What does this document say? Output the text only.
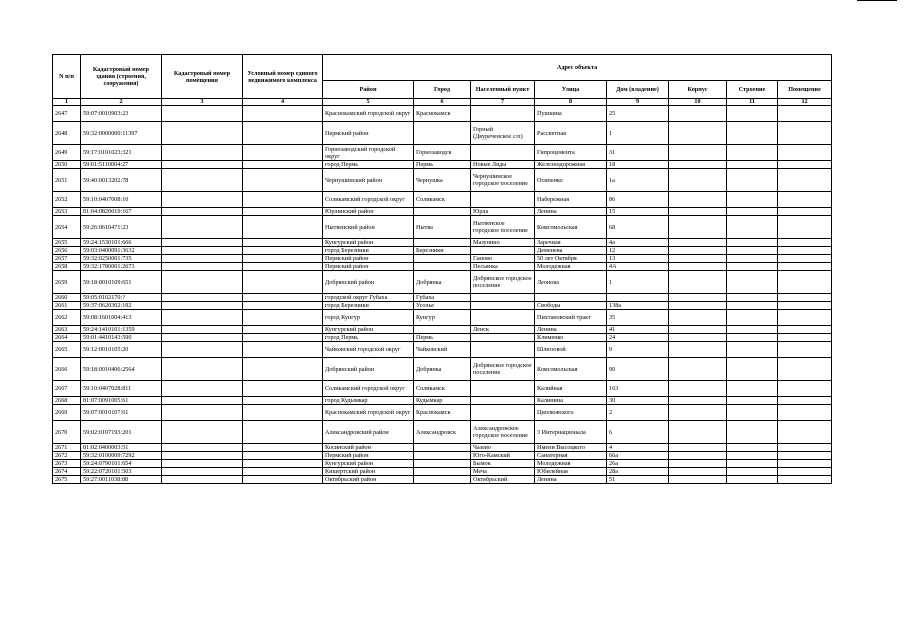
N п/п	Кадастровый номер здания (строения, сооружения)	Кадастровый номер помещения	Условный номер единого недвижимого комплекса	Адрес объекта							
				Район	Город	Населенный пункт	Улица	Дом (владение)	Корпус	Строение	Помещение
1	2	3	4	5	6	7	8	9	10	11	12
2647	59:07:0010903:23			Краснокамский городской округ	Краснокамск		Пушкина	25			
2648	59:32:0000000:11397			Пермский район		Горный (Двуреченское с/п)	Рассветная	1			
2649	59:17:0101023:321			Горнозаводский городской округ	Горнозаводск		Гипроцемента	31			
2650	59:01:5110004:27			город Пермь	Пермь	Новые Ляды	Железнодорожная	18			
2651	59:40:0013202:78			Чернушинский район	Чернушка	Чернушинское городское поселение	Осипенко	1а			
2652	59:10:0407008:10			Соликамский городской округ	Соликамск		Набережная	86			
2653	81:04:0820019:167			Юрлинский район		Юрла	Ленина	15			
2654	59:26:0610471:23			Нытвенский район	Нытва	Нытвенское городское поселение	Комсомольская	68			
2655	59:24:1530101:666			Кунгурский район		Мазунино	Заречная	4а			
2656	59:03:0400091:3632			город Березники	Березники		Деменева	12			
2657	59:32:0250001:735			Пермский район		Гамово	50 лет Октября	13			
2658	59:32:1780001:2673			Пермский район		Песьянка	Молодежная	4А			
2659	59:18:0010109:651			Добрянский район	Добрянка	Добрянское городское поселение	Леонова	1			
2660	59:05:0102170:?			городской округ Губаха	Губаха						
2661	59:37:0620302:192			город Березники	Усолье		Свободы	138а			
2662	59:08:1601004:413			город Кунгур	Кунгур		Пихтановский тракт	35			
2663	59:24:1410101:1359			Кунгурский район		Ленск	Ленина	41			
2664	59:01:4410143:590			город Пермь	Пермь		Клименко	24			
2665	59:12:0010105:20			Чайковский городской округ	Чайковский		Шлюзовой	9			
2666	59:18:0010406:2564			Добрянский район	Добрянка	Добрянское городское поселение	Комсомольская	90			
2667	59:10:0407028:811			Соликамский городской округ	Соликамск		Калийная	163			
2668	81:07:0091005:61			город Кудымкар	Кудымкар		Калинина	30			
2669	59:07:0010107:61			Краснокамский городской округ	Краснокамск		Циолковского	2			
2670	59:02:0107193:201			Александровский район	Александровск	Александровское городское поселение	3 Интернационала	6			
2671	81:02:0400003:51			Косинский район		Чазево	Имени Высоцкого	4			
2672	59:32:0100009:7292			Пермский район		Юго-Камский	Санаторная	66а			
2673	59:24:0790101:654			Кунгурский район		Бымок	Молодежная	26а			
2674	59:22:0720101:503			Кишертский район		Меча	Юбилейная	28а			
2675	59:27:0011038:88			Октябрьский район		Октябрьский	Ленина	51			
